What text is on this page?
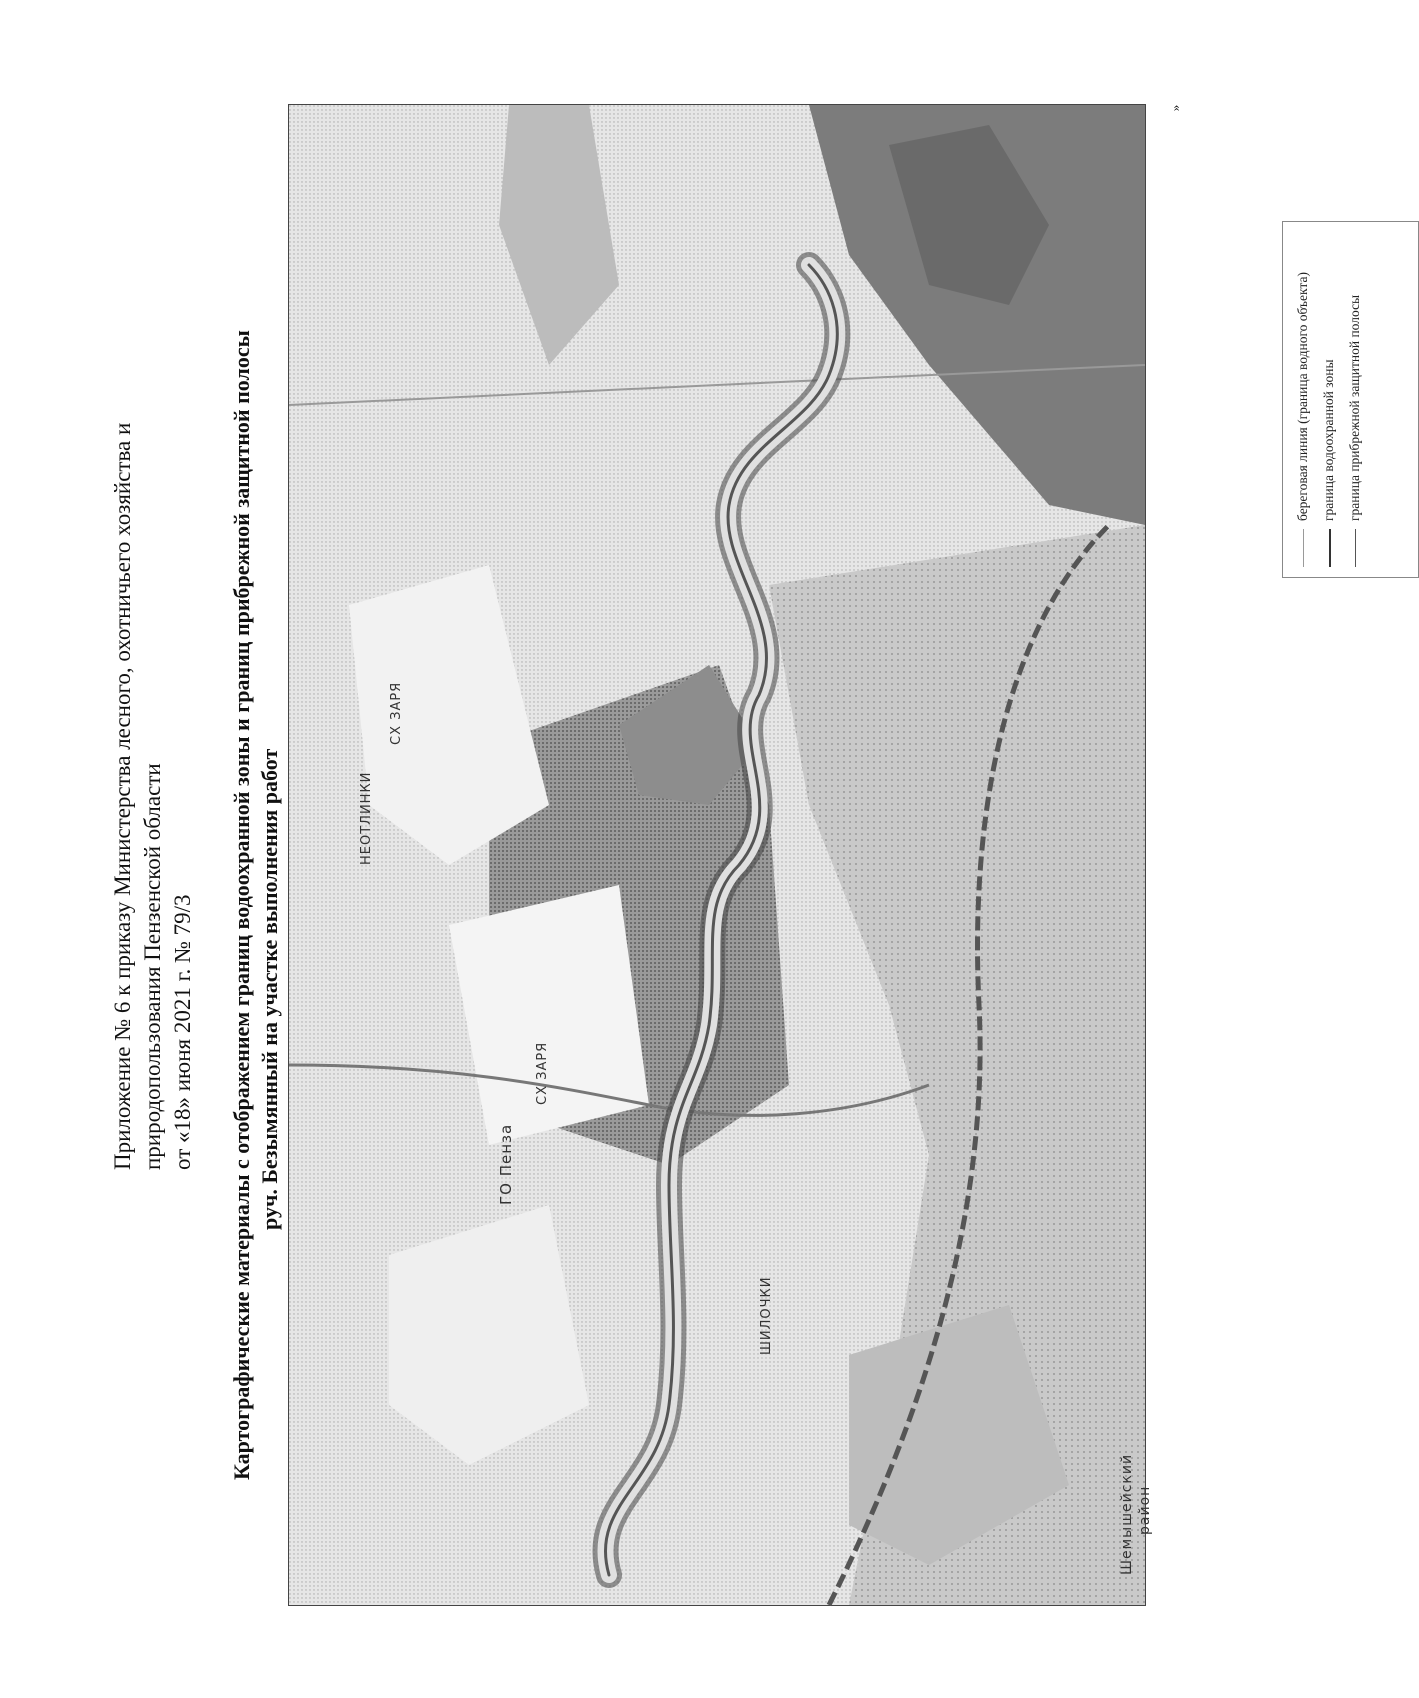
Приложение № 6 к приказу Министерства лесного, охотничьего хозяйства и природопользования Пензенской области от «18» июня 2021 г. № 79/3 Картографические материалы с отображением границ водоохранной зоны и границ прибрежной защитной полосы руч. Безымянный на участке выполнения работ
»
ГО Пенза
Шемышейский район
СХ ЗАРЯ
СХ ЗАРЯ
НЕОТЛИНКИ
ШИЛОЧКИ
береговая линия (граница водного объекта) граница водоохранной зоны граница прибрежной защитной полосы
